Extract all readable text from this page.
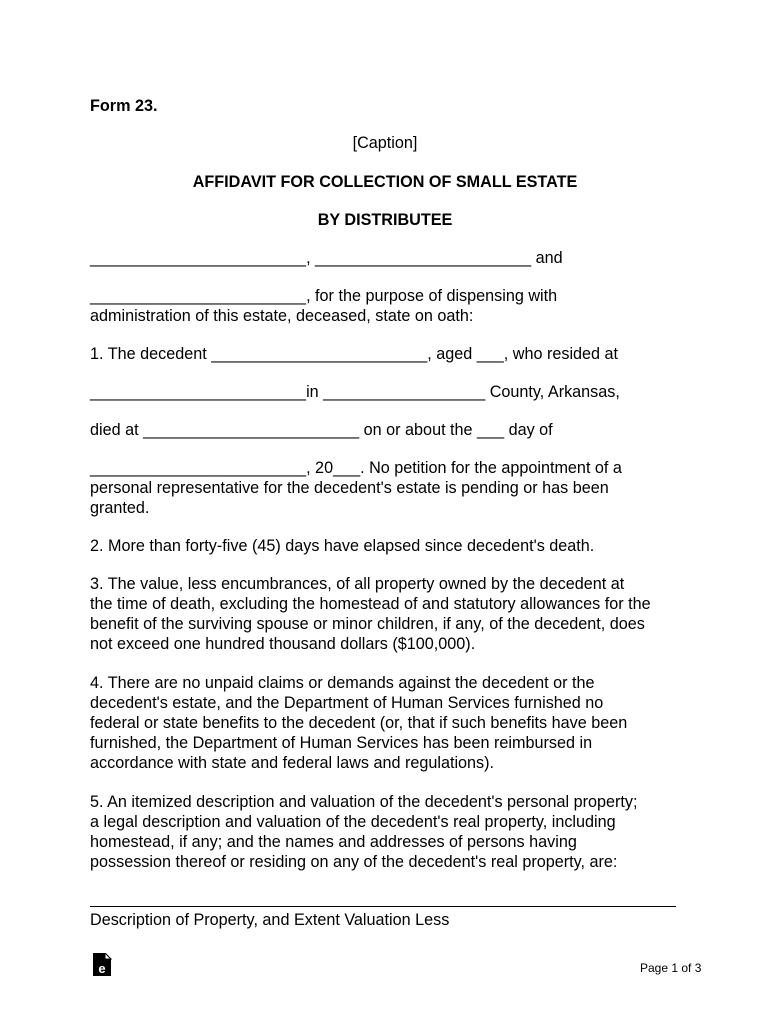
Form 23.
[Caption]
AFFIDAVIT FOR COLLECTION OF SMALL ESTATE
BY DISTRIBUTEE
________________________, ________________________ and
________________________, for the purpose of dispensing with
administration of this estate, deceased, state on oath:
1. The decedent ________________________, aged ___, who resided at
________________________in __________________ County, Arkansas,
died at ________________________ on or about the ___ day of
________________________, 20___. No petition for the appointment of a
personal representative for the decedent's estate is pending or has been
granted.
2. More than forty-five (45) days have elapsed since decedent's death.
3. The value, less encumbrances, of all property owned by the decedent at
the time of death, excluding the homestead of and statutory allowances for the
benefit of the surviving spouse or minor children, if any, of the decedent, does
not exceed one hundred thousand dollars ($100,000).
4. There are no unpaid claims or demands against the decedent or the
decedent's estate, and the Department of Human Services furnished no
federal or state benefits to the decedent (or, that if such benefits have been
furnished, the Department of Human Services has been reimbursed in
accordance with state and federal laws and regulations).
5. An itemized description and valuation of the decedent's personal property;
a legal description and valuation of the decedent's real property, including
homestead, if any; and the names and addresses of persons having
possession thereof or residing on any of the decedent's real property, are:
Description of Property, and Extent Valuation Less
e	Page 1 of 3
